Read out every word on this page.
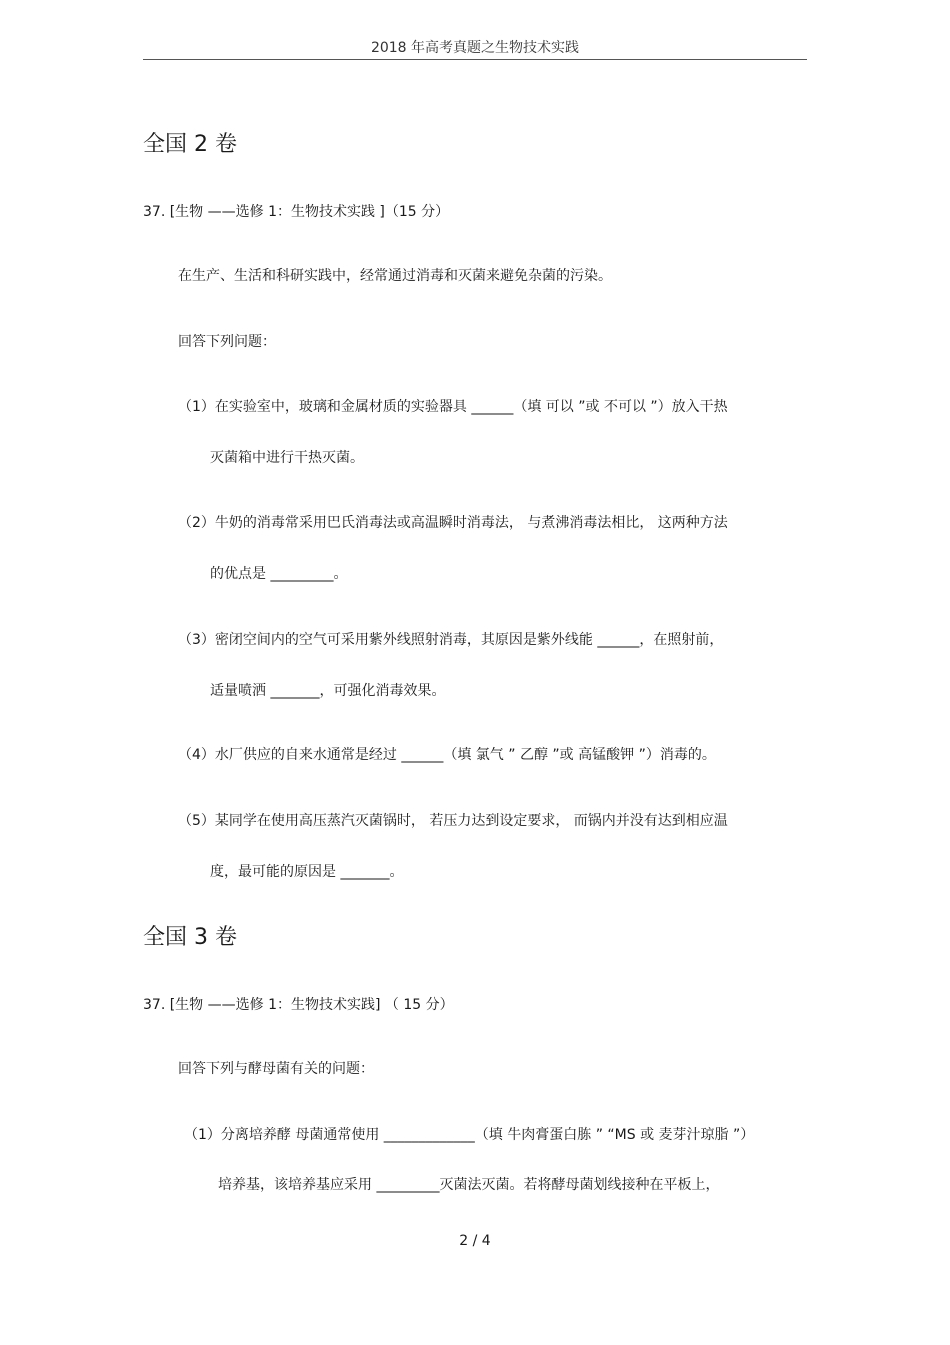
2018 年高考真题之生物技术实践
全国 2 卷
37. [生物 ——选修 1：生物技术实践 ]（15 分）
在生产、生活和科研实践中，经常通过消毒和灭菌来避免杂菌的污染。
回答下列问题：
（1）在实验室中，玻璃和金属材质的实验器具 ______（填 可以 ”或 不可以 ”）放入干热
灭菌箱中进行干热灭菌。
（2）牛奶的消毒常采用巴氏消毒法或高温瞬时消毒法， 与煮沸消毒法相比， 这两种方法
的优点是 _________。
（3）密闭空间内的空气可采用紫外线照射消毒，其原因是紫外线能 ______，在照射前，
适量喷洒 _______，可强化消毒效果。
（4）水厂供应的自来水通常是经过 ______（填 氯气 ” 乙醇 ”或 高锰酸钾 ”）消毒的。
（5）某同学在使用高压蒸汽灭菌锅时， 若压力达到设定要求， 而锅内并没有达到相应温
度，最可能的原因是 _______。
全国 3 卷
37. [生物 ——选修 1：生物技术实践] （ 15 分）
回答下列与酵母菌有关的问题：
（1）分离培养酵 母菌通常使用 _____________（填 牛肉膏蛋白胨 ” “MS 或 麦芽汁琼脂 ”）
培养基，该培养基应采用 _________灭菌法灭菌。若将酵母菌划线接种在平板上，
2 / 4
